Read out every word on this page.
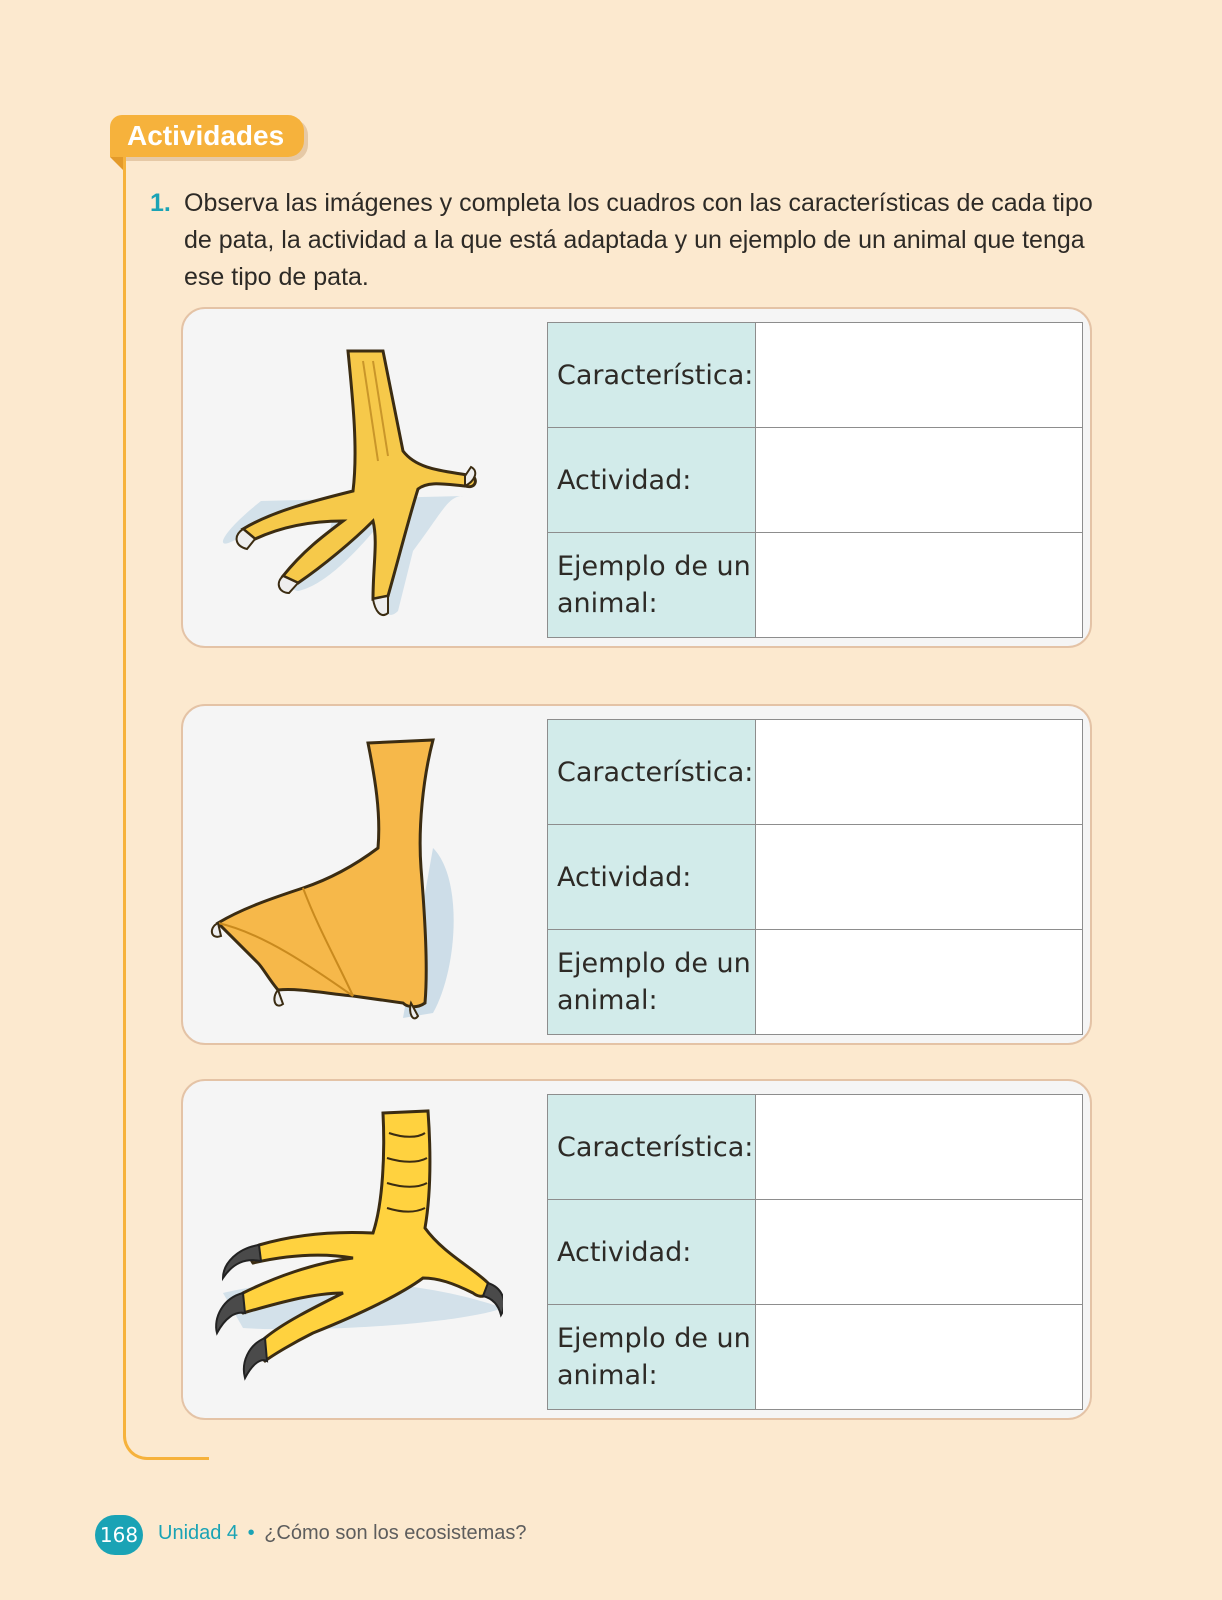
Actividades
1. Observa las imágenes y completa los cuadros con las características de cada tipo de pata, la actividad a la que está adaptada y un ejemplo de un animal que tenga ese tipo de pata.
Característica:	
Actividad:	
Ejemplo de un animal:	
Característica:	
Actividad:	
Ejemplo de un animal:	
Característica:	
Actividad:	
Ejemplo de un animal:	
168 Unidad 4 • ¿Cómo son los ecosistemas?
